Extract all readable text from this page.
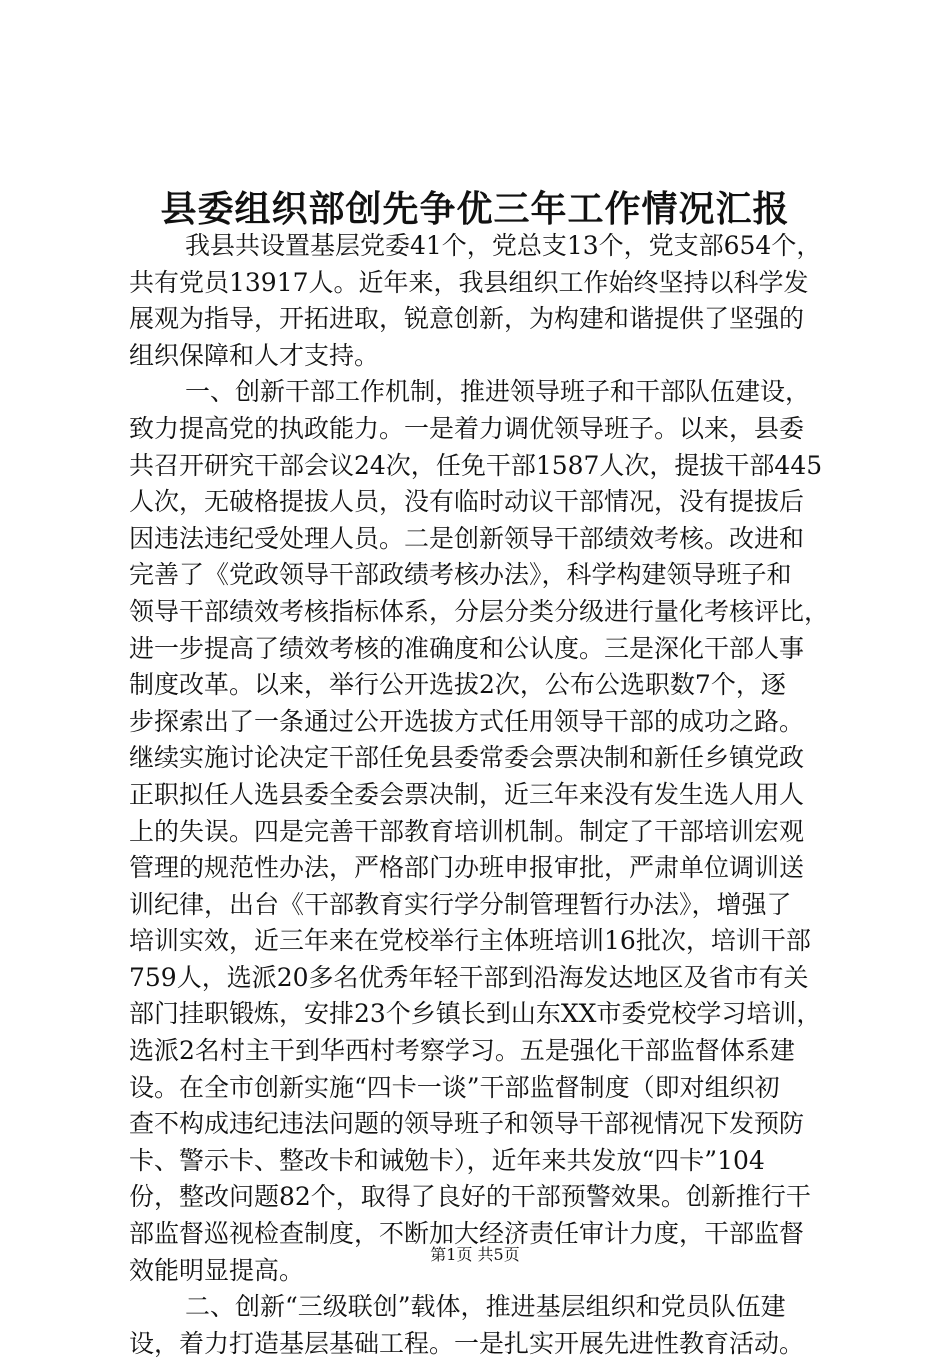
县委组织部创先争优三年工作情况汇报
我县共设置基层党委41个，党总支13个，党支部654个，
共有党员13917人。近年来，我县组织工作始终坚持以科学发
展观为指导，开拓进取，锐意创新，为构建和谐提供了坚强的
组织保障和人才支持。
一、创新干部工作机制，推进领导班子和干部队伍建设，
致力提高党的执政能力。一是着力调优领导班子。以来，县委
共召开研究干部会议24次，任免干部1587人次，提拔干部445
人次，无破格提拔人员，没有临时动议干部情况，没有提拔后
因违法违纪受处理人员。二是创新领导干部绩效考核。改进和
完善了《党政领导干部政绩考核办法》，科学构建领导班子和
领导干部绩效考核指标体系，分层分类分级进行量化考核评比，
进一步提高了绩效考核的准确度和公认度。三是深化干部人事
制度改革。以来，举行公开选拔2次，公布公选职数7个，逐
步探索出了一条通过公开选拔方式任用领导干部的成功之路。
继续实施讨论决定干部任免县委常委会票决制和新任乡镇党政
正职拟任人选县委全委会票决制，近三年来没有发生选人用人
上的失误。四是完善干部教育培训机制。制定了干部培训宏观
管理的规范性办法，严格部门办班申报审批，严肃单位调训送
训纪律，出台《干部教育实行学分制管理暂行办法》，增强了
培训实效，近三年来在党校举行主体班培训16批次，培训干部
759人，选派20多名优秀年轻干部到沿海发达地区及省市有关
部门挂职锻炼，安排23个乡镇长到山东XX市委党校学习培训，
选派2名村主干到华西村考察学习。五是强化干部监督体系建
设。在全市创新实施“四卡一谈”干部监督制度（即对组织初
查不构成违纪违法问题的领导班子和领导干部视情况下发预防
卡、警示卡、整改卡和诫勉卡），近年来共发放“四卡”104
份，整改问题82个，取得了良好的干部预警效果。创新推行干
部监督巡视检查制度，不断加大经济责任审计力度，干部监督
效能明显提高。
二、创新“三级联创”载体，推进基层组织和党员队伍建
设，着力打造基层基础工程。一是扎实开展先进性教育活动。
第1页 共5页
